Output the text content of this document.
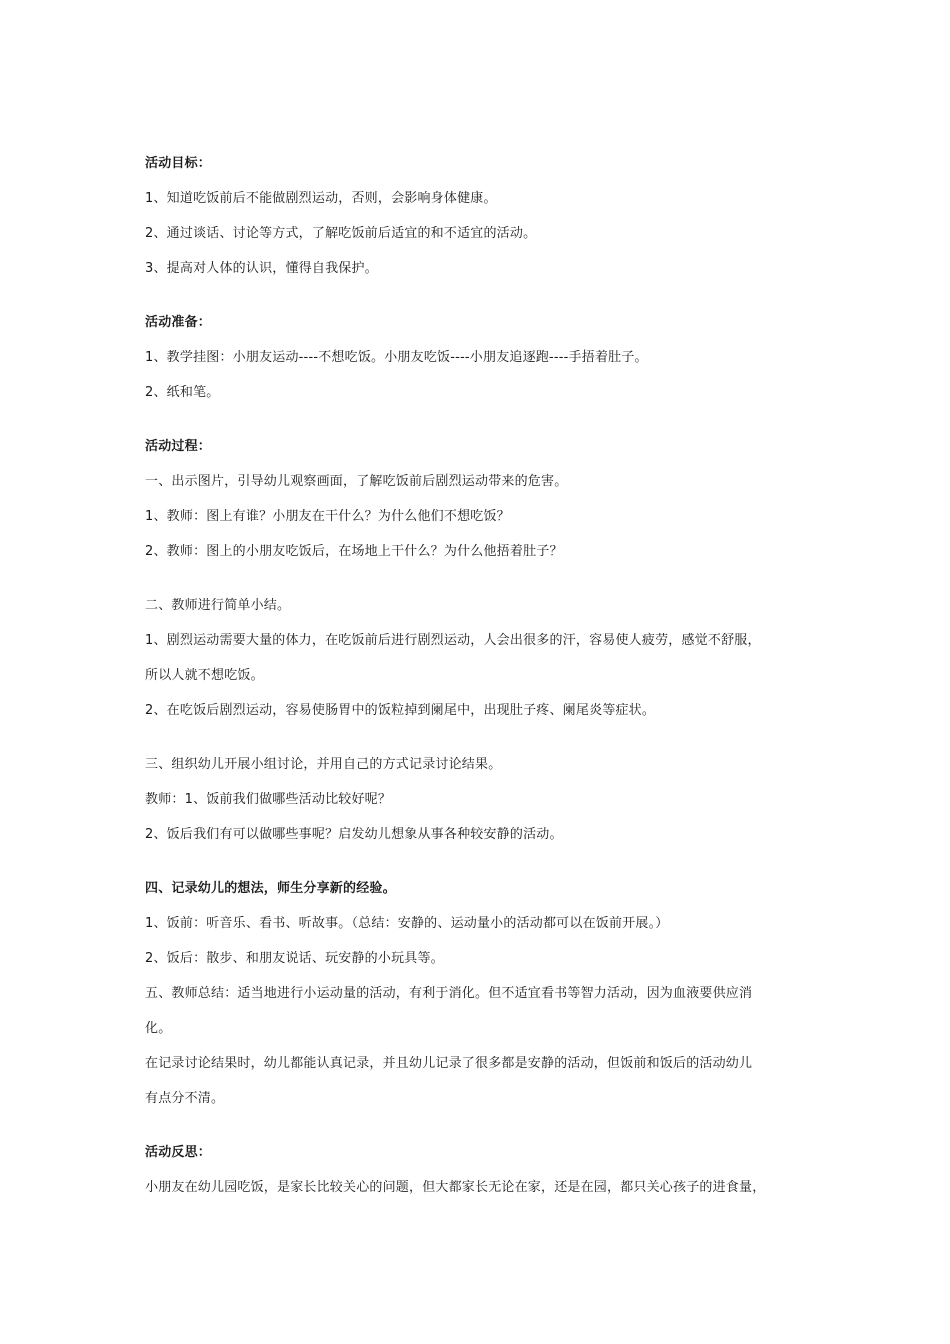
活动目标：
1、知道吃饭前后不能做剧烈运动，否则，会影响身体健康。
2、通过谈话、讨论等方式，了解吃饭前后适宜的和不适宜的活动。
3、提高对人体的认识，懂得自我保护。
活动准备：
1、教学挂图：小朋友运动----不想吃饭。小朋友吃饭----小朋友追逐跑----手捂着肚子。
2、纸和笔。
活动过程：
一、出示图片，引导幼儿观察画面，了解吃饭前后剧烈运动带来的危害。
1、教师：图上有谁？小朋友在干什么？为什么他们不想吃饭？
2、教师：图上的小朋友吃饭后，在场地上干什么？为什么他捂着肚子？
二、教师进行简单小结。
1、剧烈运动需要大量的体力，在吃饭前后进行剧烈运动，人会出很多的汗，容易使人疲劳，感觉不舒服，
所以人就不想吃饭。
2、在吃饭后剧烈运动，容易使肠胃中的饭粒掉到阑尾中，出现肚子疼、阑尾炎等症状。
三、组织幼儿开展小组讨论，并用自己的方式记录讨论结果。
教师：1、饭前我们做哪些活动比较好呢？
2、饭后我们有可以做哪些事呢？启发幼儿想象从事各种较安静的活动。
四、记录幼儿的想法，师生分享新的经验。
1、饭前：听音乐、看书、听故事。（总结：安静的、运动量小的活动都可以在饭前开展。）
2、饭后：散步、和朋友说话、玩安静的小玩具等。
五、教师总结：适当地进行小运动量的活动，有利于消化。但不适宜看书等智力活动，因为血液要供应消
化。
在记录讨论结果时，幼儿都能认真记录，并且幼儿记录了很多都是安静的活动，但饭前和饭后的活动幼儿
有点分不清。
活动反思：
小朋友在幼儿园吃饭，是家长比较关心的问题，但大都家长无论在家，还是在园，都只关心孩子的进食量，
